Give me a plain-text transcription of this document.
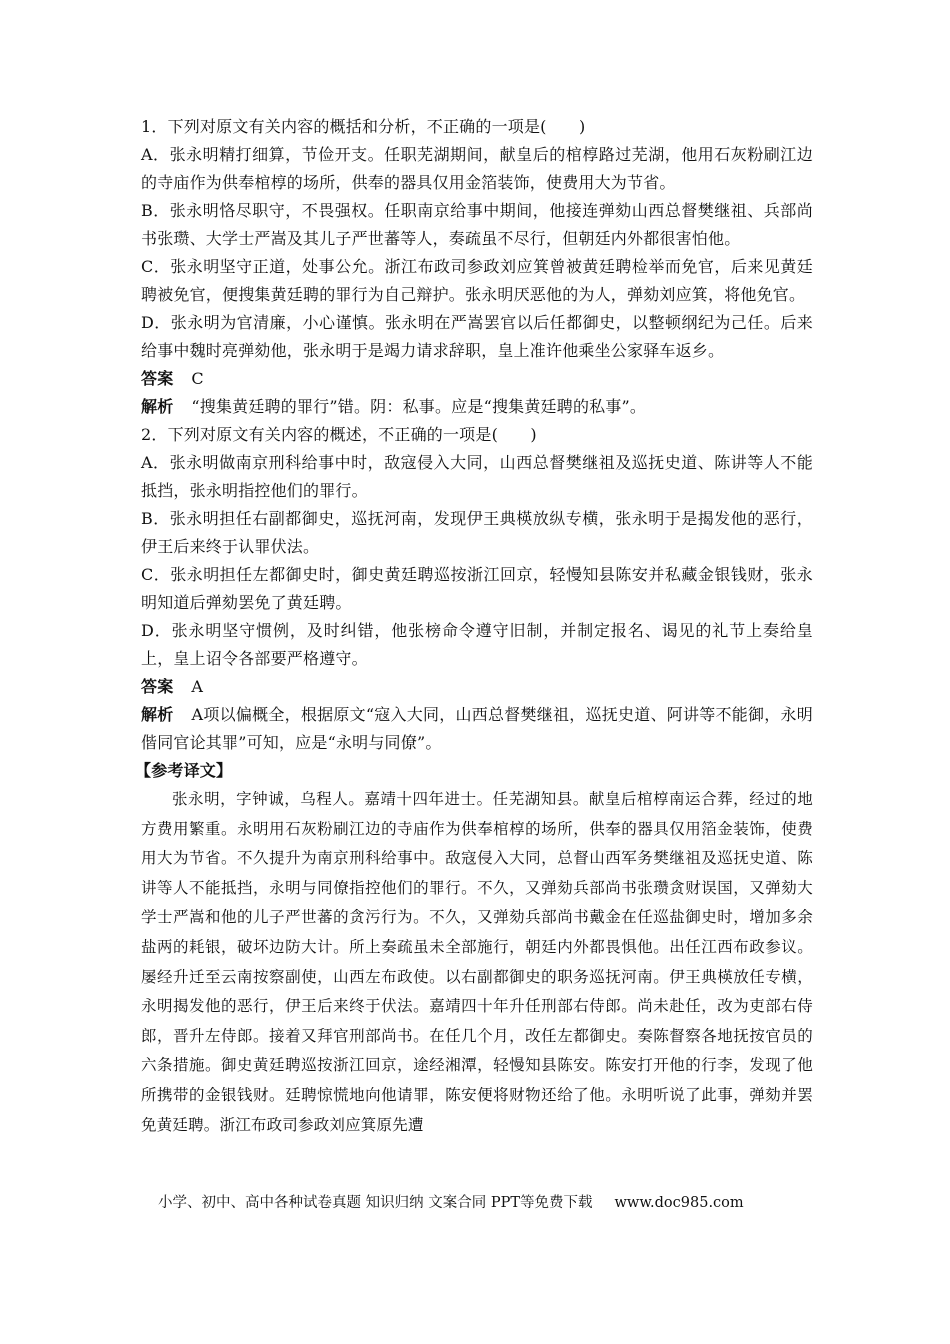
1．下列对原文有关内容的概括和分析，不正确的一项是(　　)

A．张永明精打细算，节俭开支。任职芜湖期间，献皇后的棺椁路过芜湖，他用石灰粉刷江边的寺庙作为供奉棺椁的场所，供奉的器具仅用金箔装饰，使费用大为节省。

B．张永明恪尽职守，不畏强权。任职南京给事中期间，他接连弹劾山西总督樊继祖、兵部尚书张瓒、大学士严嵩及其儿子严世蕃等人，奏疏虽不尽行，但朝廷内外都很害怕他。

C．张永明坚守正道，处事公允。浙江布政司参政刘应箕曾被黄廷聘检举而免官，后来见黄廷聘被免官，便搜集黄廷聘的罪行为自己辩护。张永明厌恶他的为人，弹劾刘应箕，将他免官。

D．张永明为官清廉，小心谨慎。张永明在严嵩罢官以后任都御史，以整顿纲纪为己任。后来给事中魏时亮弹劾他，张永明于是竭力请求辞职，皇上准许他乘坐公家驿车返乡。

答案 C

解析 “搜集黄廷聘的罪行”错。阴：私事。应是“搜集黄廷聘的私事”。

2．下列对原文有关内容的概述，不正确的一项是(　　)

A．张永明做南京刑科给事中时，敌寇侵入大同，山西总督樊继祖及巡抚史道、陈讲等人不能抵挡，张永明指控他们的罪行。

B．张永明担任右副都御史，巡抚河南，发现伊王典楧放纵专横，张永明于是揭发他的恶行，伊王后来终于认罪伏法。

C．张永明担任左都御史时，御史黄廷聘巡按浙江回京，轻慢知县陈安并私藏金银钱财，张永明知道后弹劾罢免了黄廷聘。

D．张永明坚守惯例，及时纠错，他张榜命令遵守旧制，并制定报名、谒见的礼节上奏给皇上，皇上诏令各部要严格遵守。

答案 A

解析 A项以偏概全，根据原文“寇入大同，山西总督樊继祖，巡抚史道、阿讲等不能御，永明偕同官论其罪”可知，应是“永明与同僚”。

【参考译文】

张永明，字钟诚，乌程人。嘉靖十四年进士。任芜湖知县。献皇后棺椁南运合葬，经过的地方费用繁重。永明用石灰粉刷江边的寺庙作为供奉棺椁的场所，供奉的器具仅用箔金装饰，使费用大为节省。不久提升为南京刑科给事中。敌寇侵入大同，总督山西军务樊继祖及巡抚史道、陈讲等人不能抵挡，永明与同僚指控他们的罪行。不久，又弹劾兵部尚书张瓒贪财误国，又弹劾大学士严嵩和他的儿子严世蕃的贪污行为。不久，又弹劾兵部尚书戴金在任巡盐御史时，增加多余盐两的耗银，破坏边防大计。所上奏疏虽未全部施行，朝廷内外都畏惧他。出任江西布政参议。屡经升迁至云南按察副使，山西左布政使。以右副都御史的职务巡抚河南。伊王典楧放任专横，永明揭发他的恶行，伊王后来终于伏法。嘉靖四十年升任刑部右侍郎。尚未赴任，改为吏部右侍郎，晋升左侍郎。接着又拜官刑部尚书。在任几个月，改任左都御史。奏陈督察各地抚按官员的六条措施。御史黄廷聘巡按浙江回京，途经湘潭，轻慢知县陈安。陈安打开他的行李，发现了他所携带的金银钱财。廷聘惊慌地向他请罪，陈安便将财物还给了他。永明听说了此事，弹劾并罢免黄廷聘。浙江布政司参政刘应箕原先遭

小学、初中、高中各种试卷真题 知识归纳 文案合同 PPT等免费下载 www.doc985.com
